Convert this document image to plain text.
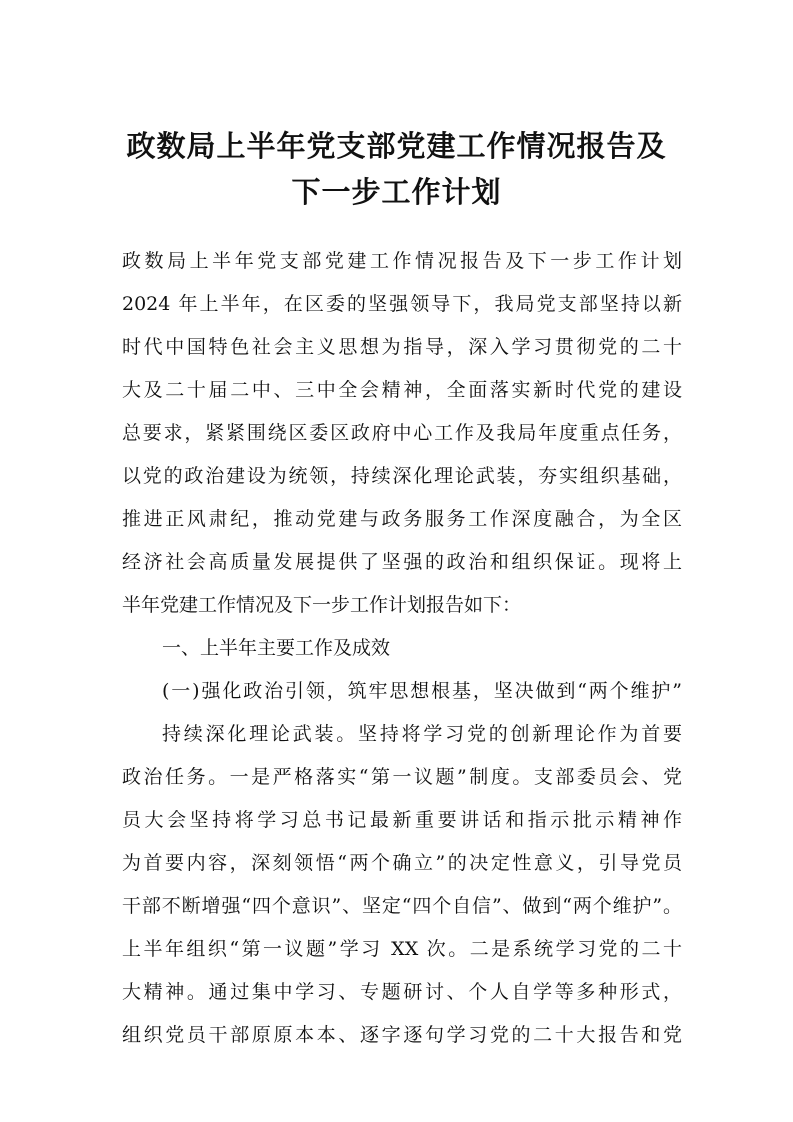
政数局上半年党支部党建工作情况报告及
下一步工作计划
政数局上半年党支部党建工作情况报告及下一步工作计划
2024 年上半年，在区委的坚强领导下，我局党支部坚持以新
时代中国特色社会主义思想为指导，深入学习贯彻党的二十
大及二十届二中、三中全会精神，全面落实新时代党的建设
总要求，紧紧围绕区委区政府中心工作及我局年度重点任务，
以党的政治建设为统领，持续深化理论武装，夯实组织基础，
推进正风肃纪，推动党建与政务服务工作深度融合，为全区
经济社会高质量发展提供了坚强的政治和组织保证。现将上
半年党建工作情况及下一步工作计划报告如下：
一、上半年主要工作及成效
(一)强化政治引领，筑牢思想根基，坚决做到“两个维护”
持续深化理论武装。坚持将学习党的创新理论作为首要
政治任务。一是严格落实“第一议题”制度。支部委员会、党
员大会坚持将学习总书记最新重要讲话和指示批示精神作
为首要内容，深刻领悟“两个确立”的决定性意义，引导党员
干部不断增强“四个意识”、坚定“四个自信”、做到“两个维护”。
上半年组织“第一议题”学习 XX 次。二是系统学习党的二十
大精神。通过集中学习、专题研讨、个人自学等多种形式，
组织党员干部原原本本、逐字逐句学习党的二十大报告和党
